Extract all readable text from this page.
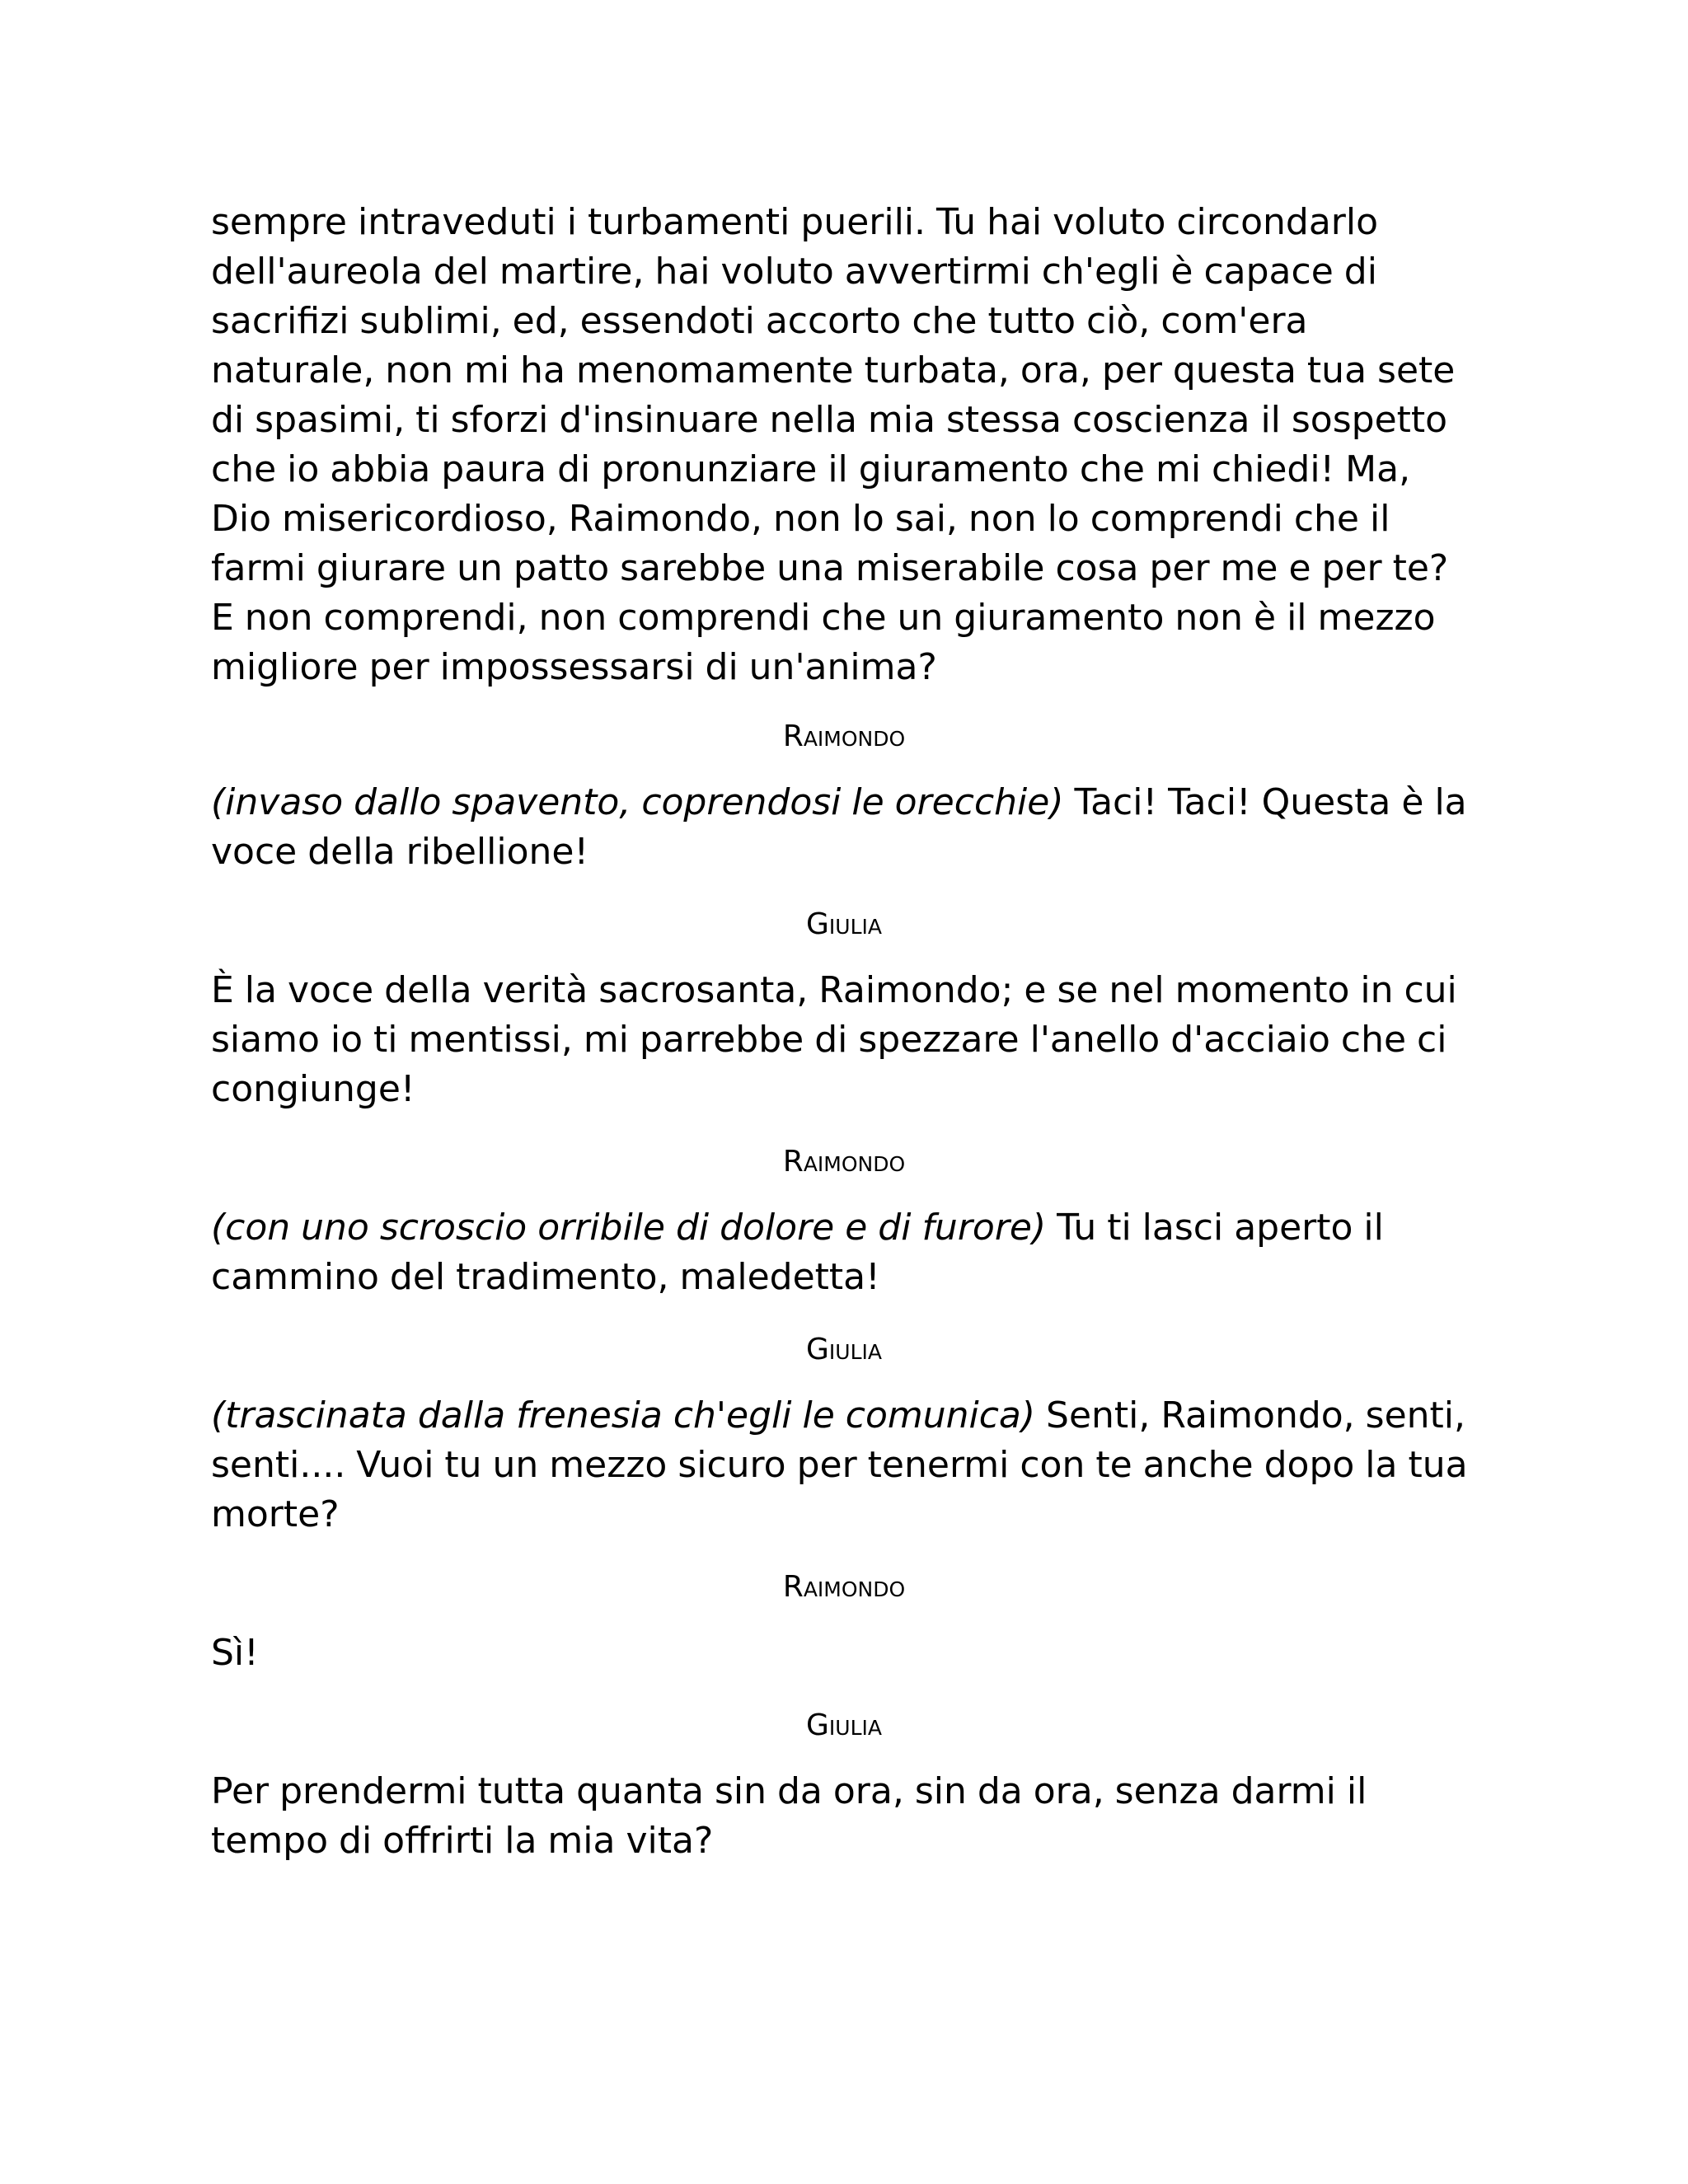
sempre intraveduti i turbamenti puerili. Tu hai voluto circondarlo dell'aureola del martire, hai voluto avvertirmi ch'egli è capace di sacrifizi sublimi, ed, essendoti accorto che tutto ciò, com'era naturale, non mi ha menomamente turbata, ora, per questa tua sete di spasimi, ti sforzi d'insinuare nella mia stessa coscienza il sospetto che io abbia paura di pronunziare il giuramento che mi chiedi! Ma, Dio misericordioso, Raimondo, non lo sai, non lo comprendi che il farmi giurare un patto sarebbe una miserabile cosa per me e per te? E non comprendi, non comprendi che un giuramento non è il mezzo migliore per impossessarsi di un'anima?

Raimondo

(invaso dallo spavento, coprendosi le orecchie) Taci! Taci! Questa è la voce della ribellione!

Giulia

È la voce della verità sacrosanta, Raimondo; e se nel momento in cui siamo io ti mentissi, mi parrebbe di spezzare l'anello d'acciaio che ci congiunge!

Raimondo

(con uno scroscio orribile di dolore e di furore) Tu ti lasci aperto il cammino del tradimento, maledetta!

Giulia

(trascinata dalla frenesia ch'egli le comunica) Senti, Raimondo, senti, senti.... Vuoi tu un mezzo sicuro per tenermi con te anche dopo la tua morte?

Raimondo

Sì!

Giulia

Per prendermi tutta quanta sin da ora, sin da ora, senza darmi il tempo di offrirti la mia vita?
